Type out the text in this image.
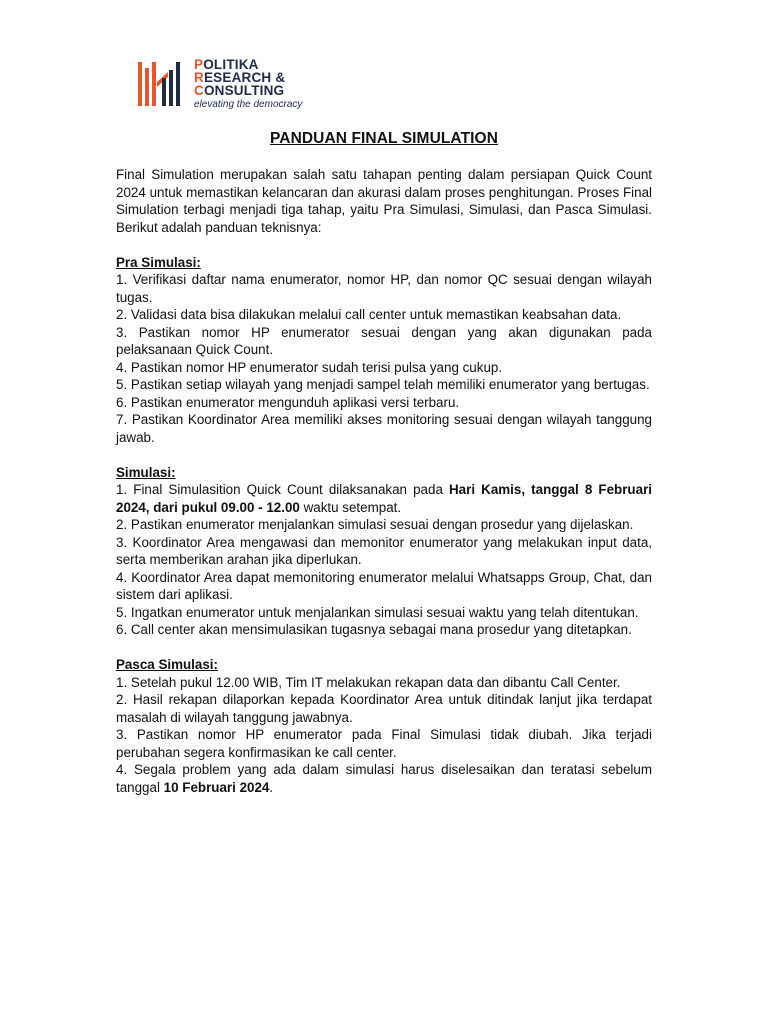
POLITIKA
RESEARCH &
CONSULTING
elevating the democracy
PANDUAN FINAL SIMULATION

Final Simulation merupakan salah satu tahapan penting dalam persiapan Quick Count 2024 untuk memastikan kelancaran dan akurasi dalam proses penghitungan. Proses Final Simulation terbagi menjadi tiga tahap, yaitu Pra Simulasi, Simulasi, dan Pasca Simulasi. Berikut adalah panduan teknisnya:

Pra Simulasi:
1. Verifikasi daftar nama enumerator, nomor HP, dan nomor QC sesuai dengan wilayah tugas.
2. Validasi data bisa dilakukan melalui call center untuk memastikan keabsahan data.
3. Pastikan nomor HP enumerator sesuai dengan yang akan digunakan pada pelaksanaan Quick Count.
4. Pastikan nomor HP enumerator sudah terisi pulsa yang cukup.
5. Pastikan setiap wilayah yang menjadi sampel telah memiliki enumerator yang bertugas.
6. Pastikan enumerator mengunduh aplikasi versi terbaru.
7. Pastikan Koordinator Area memiliki akses monitoring sesuai dengan wilayah tanggung jawab.
Simulasi:
1. Final Simulasition Quick Count dilaksanakan pada Hari Kamis, tanggal 8 Februari 2024, dari pukul 09.00 - 12.00 waktu setempat.
2. Pastikan enumerator menjalankan simulasi sesuai dengan prosedur yang dijelaskan.
3. Koordinator Area mengawasi dan memonitor enumerator yang melakukan input data, serta memberikan arahan jika diperlukan.
4. Koordinator Area dapat memonitoring enumerator melalui Whatsapps Group, Chat, dan sistem dari aplikasi.
5. Ingatkan enumerator untuk menjalankan simulasi sesuai waktu yang telah ditentukan.
6. Call center akan mensimulasikan tugasnya sebagai mana prosedur yang ditetapkan.
Pasca Simulasi:
1. Setelah pukul 12.00 WIB, Tim IT melakukan rekapan data dan dibantu Call Center.
2. Hasil rekapan dilaporkan kepada Koordinator Area untuk ditindak lanjut jika terdapat masalah di wilayah tanggung jawabnya.
3. Pastikan nomor HP enumerator pada Final Simulasi tidak diubah. Jika terjadi perubahan segera konfirmasikan ke call center.
4. Segala problem yang ada dalam simulasi harus diselesaikan dan teratasi sebelum tanggal 10 Februari 2024.
